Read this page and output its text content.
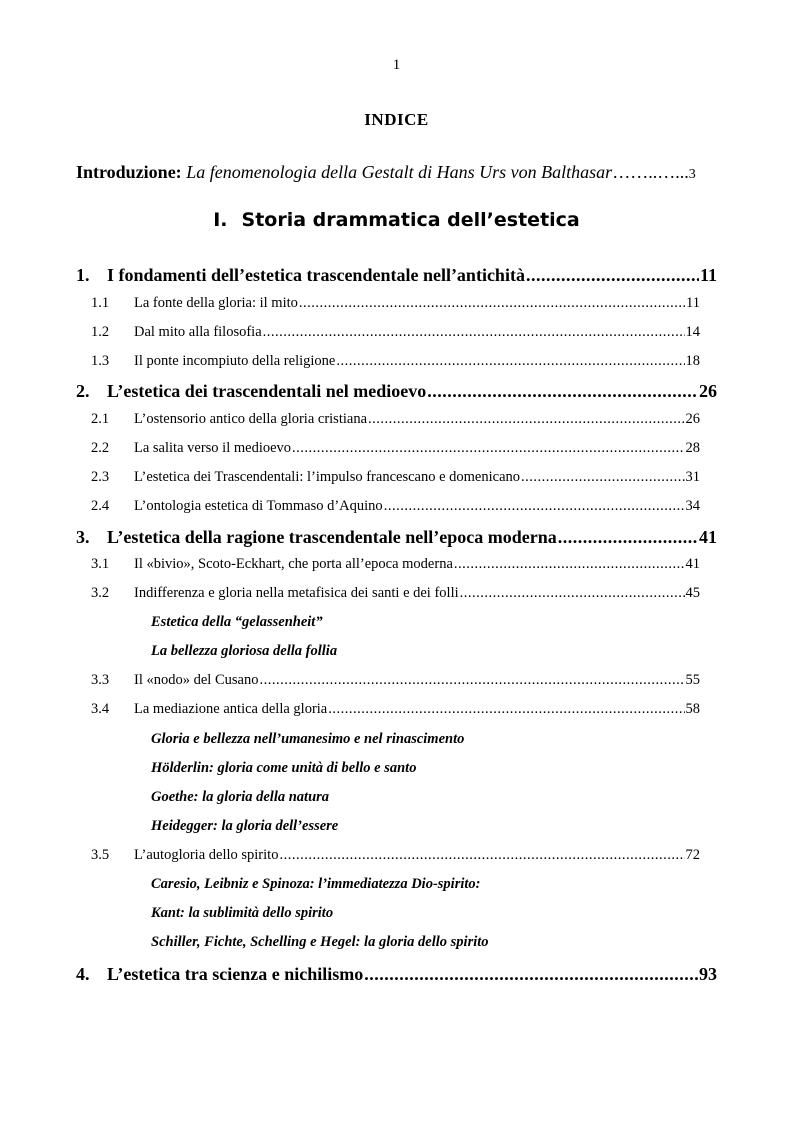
1
INDICE
Introduzione: La fenomenologia della Gestalt di Hans Urs von Balthasar……..…...3
I. Storia drammatica dell’estetica
1. I fondamenti dell’estetica trascendentale nell’antichità .....	11
1.1	La fonte della gloria: il mito .....	11
1.2	Dal mito alla filosofia .....	14
1.3	Il ponte incompiuto della religione .....	18
2. L’estetica dei trascendentali nel medioevo .....	26
2.1	L’ostensorio antico della gloria cristiana .....	26
2.2	La salita verso il medioevo .....	28
2.3	L’estetica dei Trascendentali: l’impulso francescano e domenicano .....	31
2.4	L’ontologia estetica di Tommaso d’Aquino .....	34
3. L’estetica della ragione trascendentale nell’epoca moderna .....	41
3.1	Il «bivio», Scoto-Eckhart, che porta all’epoca moderna .....	41
3.2	Indifferenza e gloria nella metafisica dei santi e dei folli .....	45
Estetica della “gelassenheit”
La bellezza gloriosa della follia
3.3	Il «nodo» del Cusano .....	55
3.4	La mediazione antica della gloria .....	58
Gloria e bellezza nell’umanesimo e nel rinascimento
Hölderlin: gloria come unità di bello e santo
Goethe: la gloria della natura
Heidegger: la gloria dell’essere
3.5	L’autogloria dello spirito .....	72
Caresio, Leibniz e Spinoza: l’immediatezza Dio-spirito:
Kant: la sublimità dello spirito
Schiller, Fichte, Schelling e Hegel: la gloria dello spirito
4. L’estetica tra scienza e nichilismo .....	93
